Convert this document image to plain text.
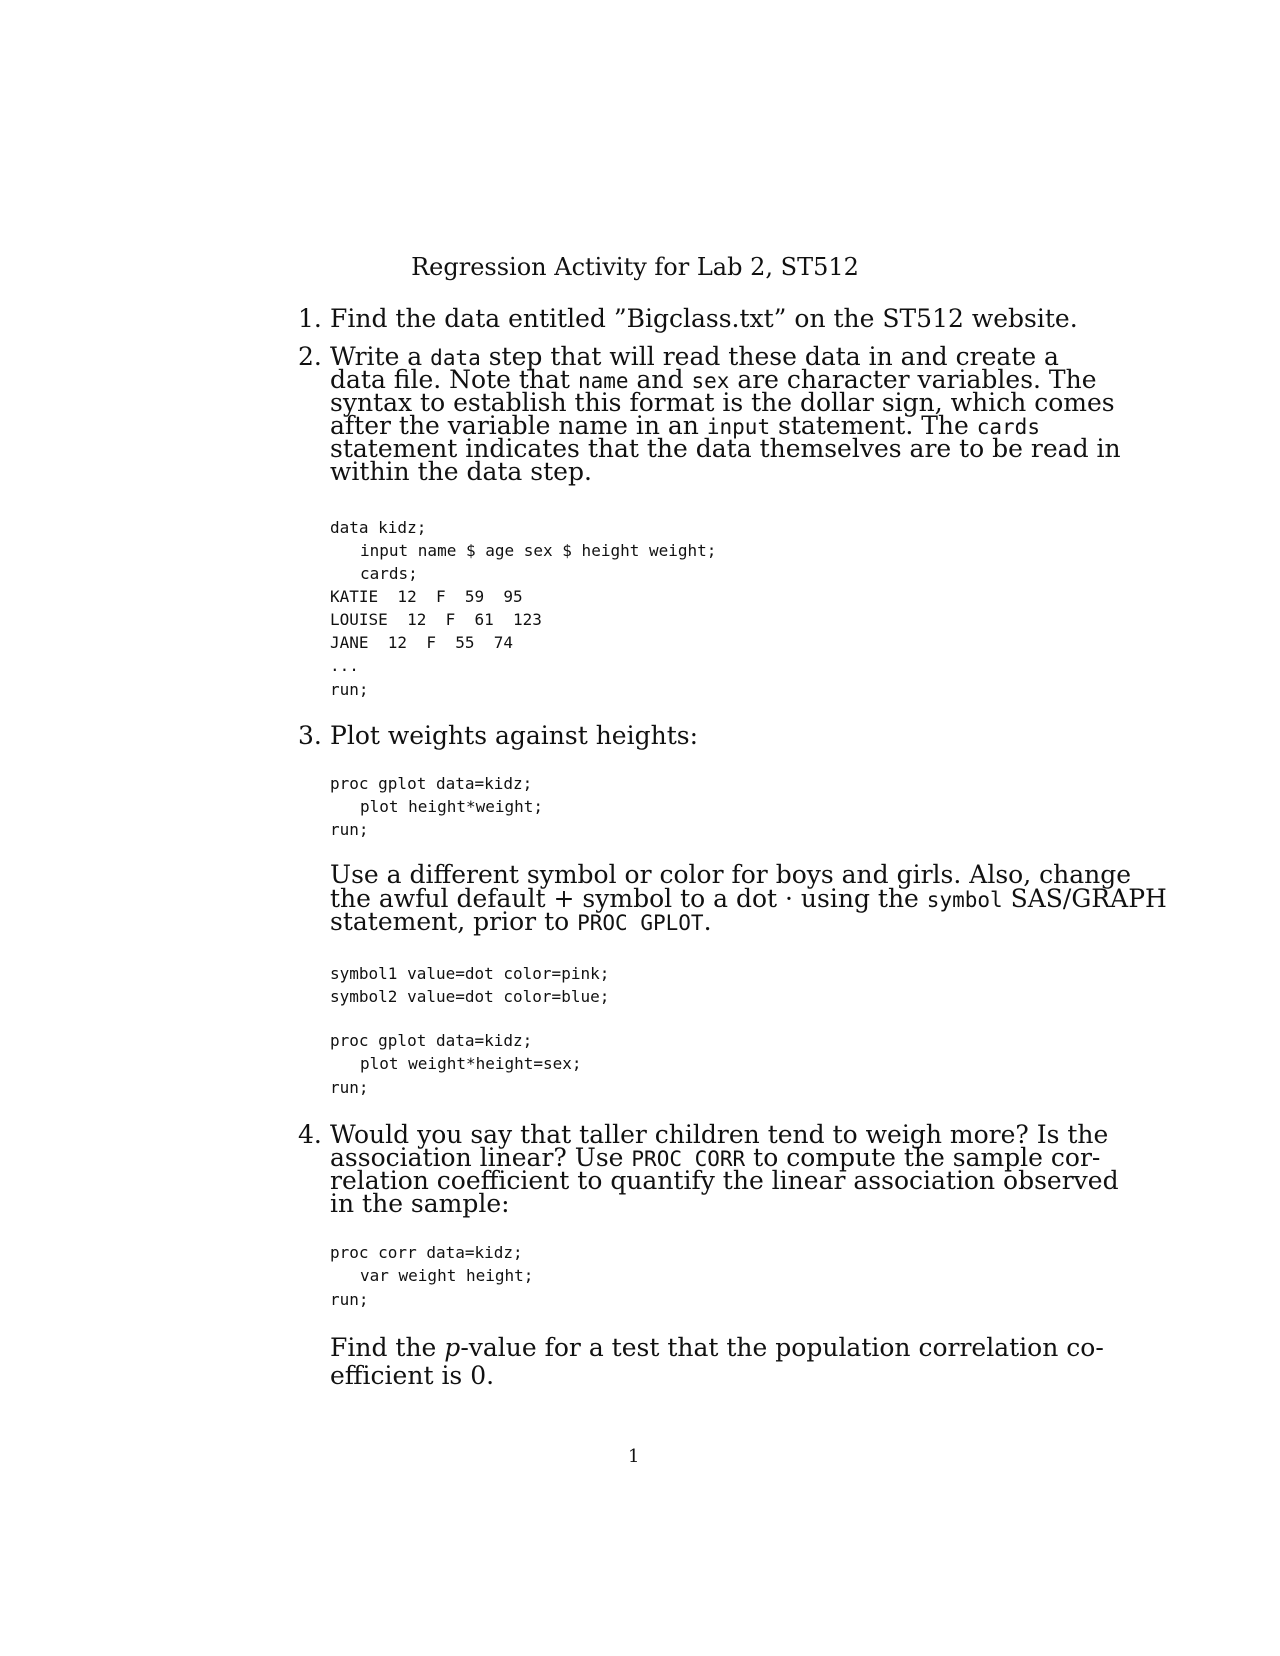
Regression Activity for Lab 2, ST512
1. Find the data entitled ”Bigclass.txt” on the ST512 website.
2. Write a data step that will read these data in and create a
data file. Note that name and sex are character variables. The
syntax to establish this format is the dollar sign, which comes
after the variable name in an input statement. The cards
statement indicates that the data themselves are to be read in
within the data step.
data kidz;
input name $ age sex $ height weight;
cards;
KATIE  12  F  59  95
LOUISE  12  F  61  123
JANE  12  F  55  74
...
run;
3. Plot weights against heights:
proc gplot data=kidz;
plot height*weight;
run;
Use a different symbol or color for boys and girls. Also, change
the awful default + symbol to a dot · using the symbol SAS/GRAPH
statement, prior to PROC GPLOT.
symbol1 value=dot color=pink;
symbol2 value=dot color=blue;
proc gplot data=kidz;
plot weight*height=sex;
run;
4. Would you say that taller children tend to weigh more? Is the
association linear? Use PROC CORR to compute the sample cor-
relation coefficient to quantify the linear association observed
in the sample:
proc corr data=kidz;
var weight height;
run;
Find the p-value for a test that the population correlation co-
efficient is 0.
1
